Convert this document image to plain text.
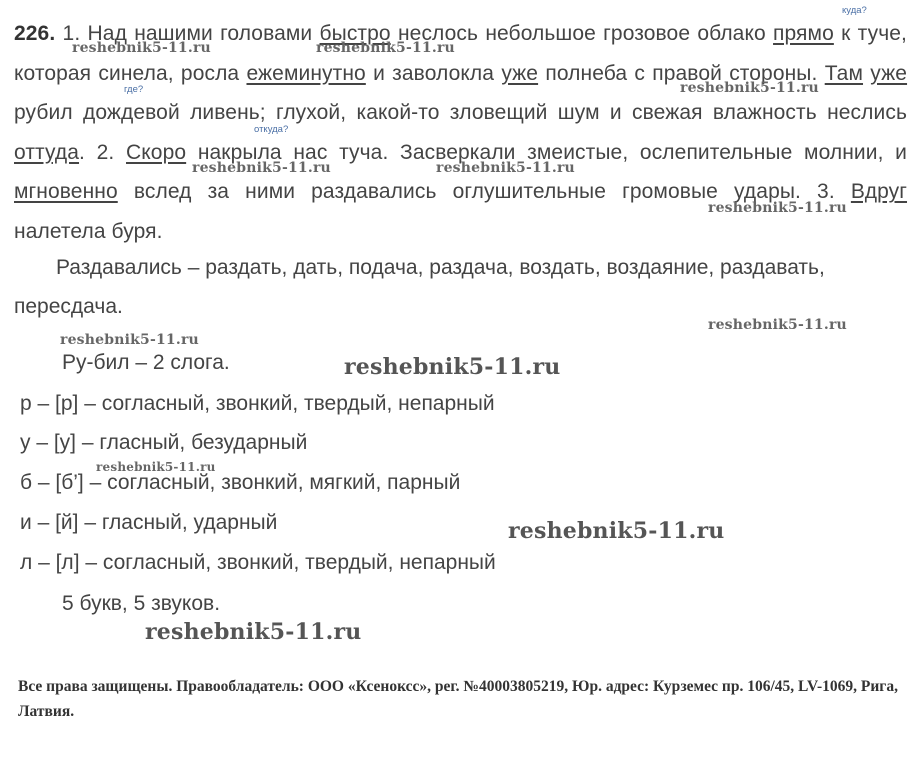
226. 1. Над нашими головами быстро неслось небольшое грозовое облако прямо к туче, которая синела, росла ежеминутно и заволокла уже полнеба с правой стороны. Там уже рубил дождевой ливень; глухой, какой-то зловещий шум и свежая влажность неслись оттуда. 2. Скоро накрыла нас туча. Засверкали змеистые, ослепительные молнии, и мгновенно вслед за ними раздавались оглушительные громовые удары. 3. Вдруг налетела буря.
куда?
где?
откуда?
Раздавались – раздать, дать, подача, раздача, воздать, воздаяние, раздавать,
пересдача.
Ру-бил – 2 слога.
р – [р] – согласный, звонкий, твердый, непарный
у – [у] – гласный, безударный
б – [б’] – согласный, звонкий, мягкий, парный
и – [й] – гласный, ударный
л – [л] – согласный, звонкий, твердый, непарный
5 букв, 5 звуков.
reshebnik5-11.ru	reshebnik5-11.ru
reshebnik5-11.ru
reshebnik5-11.ru	reshebnik5-11.ru
reshebnik5-11.ru
reshebnik5-11.ru
reshebnik5-11.ru
reshebnik5-11.ru
reshebnik5-11.ru
reshebnik5-11.ru
reshebnik5-11.ru
Все права защищены. Правообладатель: ООО «Ксеноксс», рег. №40003805219, Юр. адрес: Курземес пр. 106/45, LV-1069, Рига, Латвия.
